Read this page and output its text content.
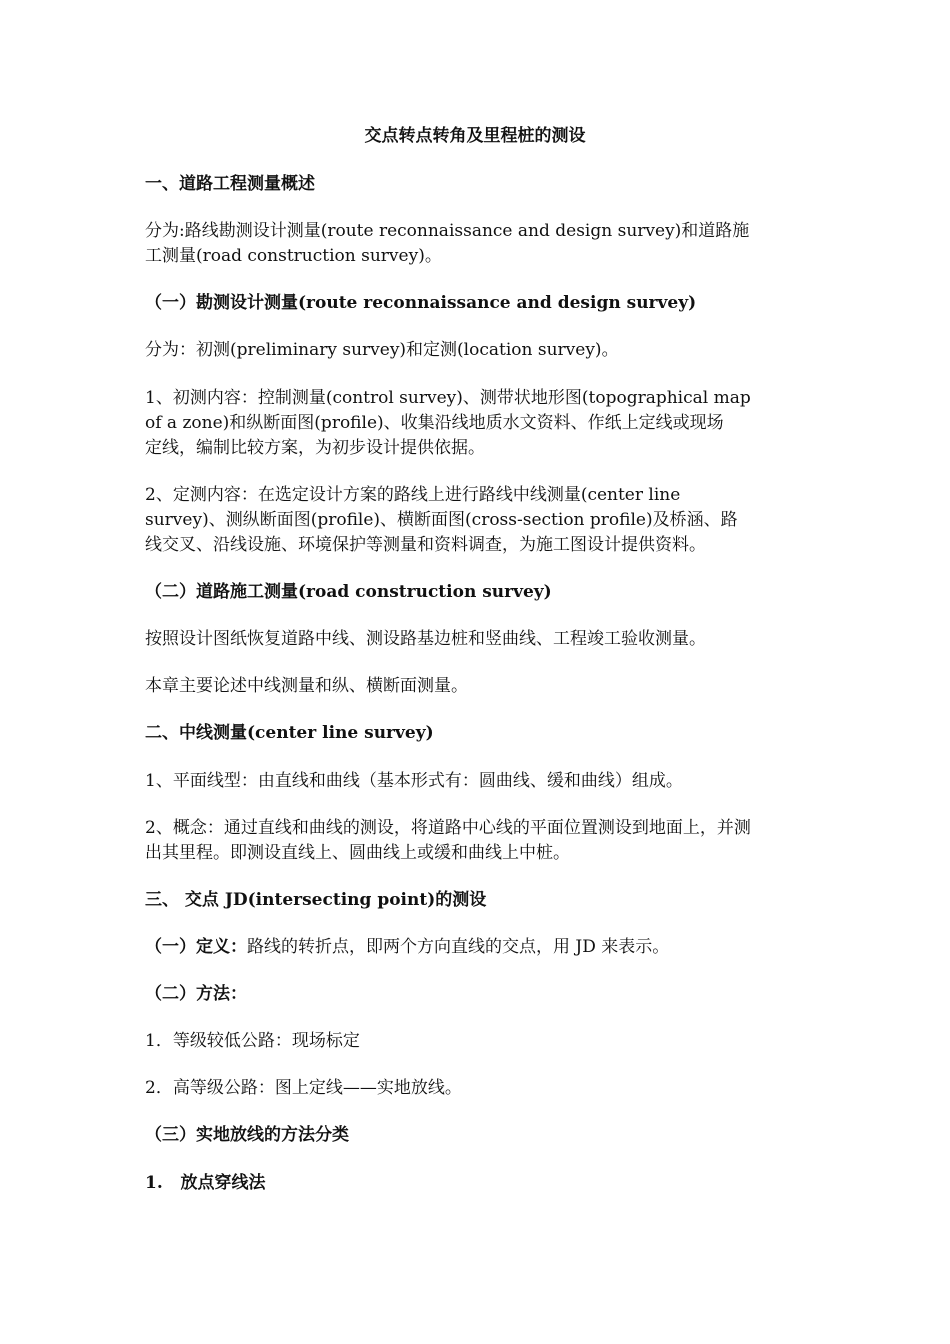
交点转点转角及里程桩的测设
一、道路工程测量概述
分为:路线勘测设计测量(route reconnaissance and design survey)和道路施
工测量(road construction survey)。
（一）勘测设计测量(route reconnaissance and design survey)
分为：初测(preliminary survey)和定测(location survey)。
1、初测内容：控制测量(control survey)、测带状地形图(topographical map
of a zone)和纵断面图(profile)、收集沿线地质水文资料、作纸上定线或现场
定线，编制比较方案，为初步设计提供依据。
2、定测内容：在选定设计方案的路线上进行路线中线测量(center line
survey)、测纵断面图(profile)、横断面图(cross-section profile)及桥涵、路
线交叉、沿线设施、环境保护等测量和资料调查，为施工图设计提供资料。
（二）道路施工测量(road construction survey)
按照设计图纸恢复道路中线、测设路基边桩和竖曲线、工程竣工验收测量。
本章主要论述中线测量和纵、横断面测量。
二、中线测量(center line survey)
1、平面线型：由直线和曲线（基本形式有：圆曲线、缓和曲线）组成。
2、概念：通过直线和曲线的测设，将道路中心线的平面位置测设到地面上，并测
出其里程。即测设直线上、圆曲线上或缓和曲线上中桩。
三、 交点 JD(intersecting point)的测设
（一）定义：路线的转折点，即两个方向直线的交点，用 JD 来表示。
（二）方法：
1．等级较低公路：现场标定
2．高等级公路：图上定线——实地放线。
（三）实地放线的方法分类
1.   放点穿线法
